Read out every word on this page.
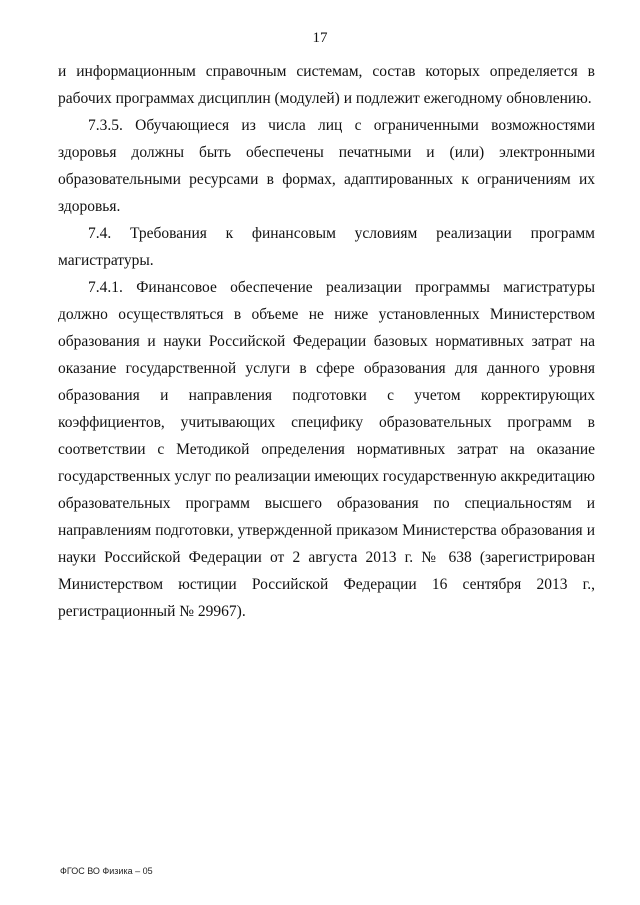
17

и информационным справочным системам, состав которых определяется в рабочих программах дисциплин (модулей) и подлежит ежегодному обновлению.

7.3.5. Обучающиеся из числа лиц с ограниченными возможностями здоровья должны быть обеспечены печатными и (или) электронными образовательными ресурсами в формах, адаптированных к ограничениям их здоровья.

7.4. Требования к финансовым условиям реализации программ магистратуры.

7.4.1. Финансовое обеспечение реализации программы магистратуры должно осуществляться в объеме не ниже установленных Министерством образования и науки Российской Федерации базовых нормативных затрат на оказание государственной услуги в сфере образования для данного уровня образования и направления подготовки с учетом корректирующих коэффициентов, учитывающих специфику образовательных программ в соответствии с Методикой определения нормативных затрат на оказание государственных услуг по реализации имеющих государственную аккредитацию образовательных программ высшего образования по специальностям и направлениям подготовки, утвержденной приказом Министерства образования и науки Российской Федерации от 2 августа 2013 г. № 638 (зарегистрирован Министерством юстиции Российской Федерации 16 сентября 2013 г., регистрационный № 29967).

ФГОС ВО Физика – 05
